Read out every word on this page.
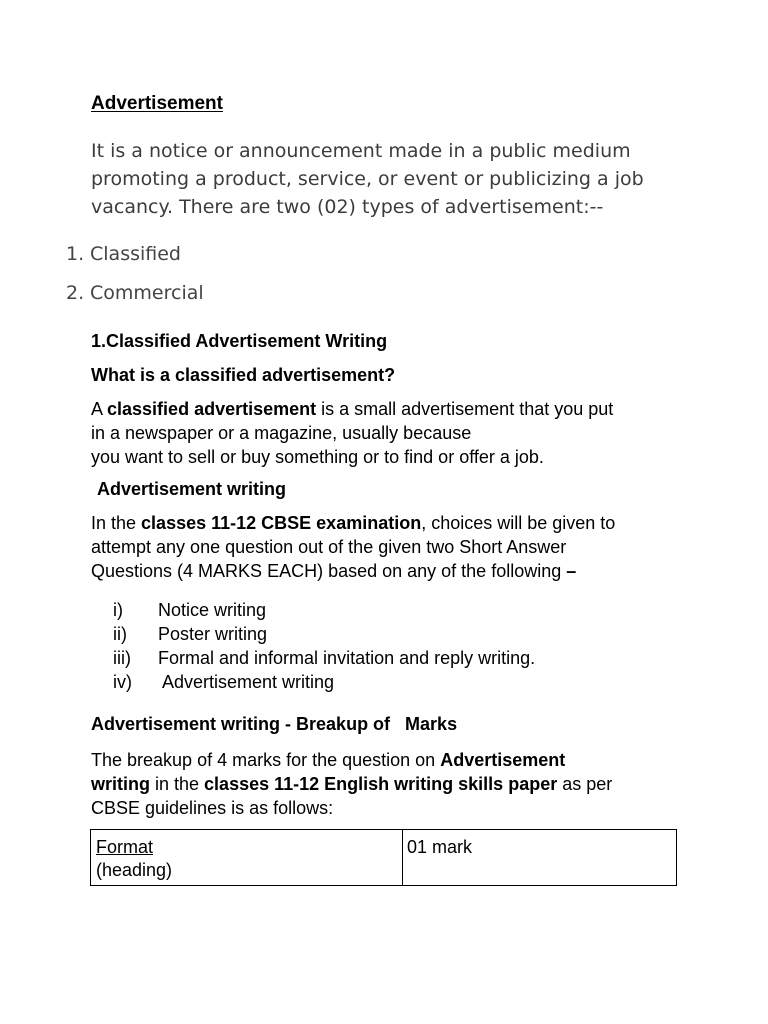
Advertisement

It is a notice or announcement made in a public medium promoting a product, service, or event or publicizing a job vacancy. There are two (02) types of advertisement:--

1. Classified
2. Commercial
1.Classified Advertisement Writing
What is a classified advertisement?

A classified advertisement is a small advertisement that you put
in a newspaper or a magazine, usually because
you want to sell or buy something or to find or offer a job.

Advertisement writing

In the classes 11-12 CBSE examination, choices will be given to
attempt any one question out of the given two Short Answer
Questions (4 MARKS EACH) based on any of the following –

i) Notice writing
ii) Poster writing
iii) Formal and informal invitation and reply writing.
iv) Advertisement writing
Advertisement writing - Breakup of   Marks

The breakup of 4 marks for the question on Advertisement
writing in the classes 11-12 English writing skills paper as per
CBSE guidelines is as follows:

Format
(heading)
01 mark
